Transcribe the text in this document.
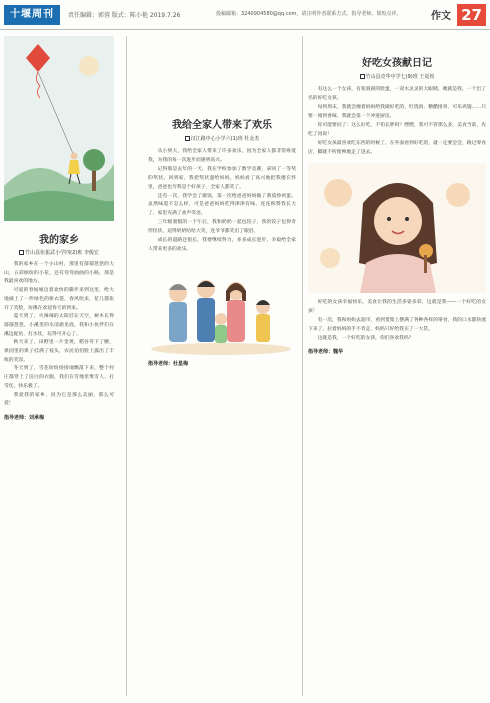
十堰周刊	责任编辑：郭蓉 版式：陈小艳 2019.7.26	投稿邮箱：3240904580@qq.com，请注明作者联系方式、指导老师、简短点评。	作文 27
我的家乡
竹山县张振武小学四(2)班 李俊宏

我的家乡在一个小山村，那里有郁郁葱葱的大山，五彩缤纷的小花，还有弯弯曲曲的小路，那是我最喜欢的地方。

可爱的春姑娘迈着欢快的脚步来到这里，给大地披上了一件绿色的新衣裳，春风吹来，花儿都张开了笑脸，仿佛在欢迎春天的到来。

夏天到了，火辣辣的太阳挂在天空，树木长得郁郁葱葱，小溪里的水清澈见底，我和小伙伴们在溪边捉鱼、打水仗，玩得可开心了。

秋天来了，田野里一片金黄，稻谷弯下了腰，果园里的果子挂满了枝头，农民伯伯脸上露出了丰收的笑容。

冬天到了，雪花纷纷扬扬地飘落下来，整个村庄都穿上了洁白的衣服，我们在雪地里堆雪人、打雪仗，快乐极了。

我爱我的家乡，因为它是那么美丽，那么可爱！

指导老师：刘承梅
我给全家人带来了欢乐
汉江路中心小学六(1)班 杜金杰

从小到大，我给全家人带来了许多欢乐，因为全家人都非常疼爱我，为我的每一次进步而感到高兴。

记得那是去年的一天，我在学校参加了数学竞赛，拿回了一等奖的奖状。回到家，我把奖状递给妈妈，妈妈看了高兴地把我搂在怀里，爸爸也夸我是个好孩子，全家人都笑了。

还有一次，我学会了做饭，第一次给爸爸妈妈做了番茄炒鸡蛋。虽然味道不怎么样，可是爸爸妈妈吃得津津有味，连连称赞我长大了，家里充满了欢声笑语。

三年级暑假的一个午后，我和奶奶一起包饺子，我的饺子包得奇形怪状，逗得奶奶哈哈大笑，连爷爷都笑出了眼泪。

成长的道路还很长，我要继续努力，多多成长进步，争取给全家人带来更多的欢乐。

指导老师：杜星梅
好吃女孩献日记
竹山县竞华中学七(9)班 王夏姣

有这么一个女孩，有张圆圆的脸蛋，一双水灵灵的大眼睛，她就是我，一个出了名的好吃女孩。

每到周末，我就会缠着妈妈给我做好吃的，红烧肉、糖醋排骨、可乐鸡翅……只要一闻到香味，我就会第一个冲进厨房。

你可能要问了：这么好吃，不怕长胖吗？嘿嘿，我可不管那么多，美食当前，先吃了再说！

好吃女孩最喜欢吃东西的时候了，在外面看到好吃的，就一定要尝尝，路过零食店，脚就不听使唤地走了进去。

好吃的女孩幸福快乐，美食让我的生活多姿多彩，这就是我——一个好吃的女孩！

有一次，我和妈妈去超市，看到货架上摆满了各种各样的零食，我的口水都快流下来了，拉着妈妈的手不肯走，妈妈只好给我买了一大袋。

这就是我，一个好吃的女孩，你们喜欢我吗？

指导老师：魏华
